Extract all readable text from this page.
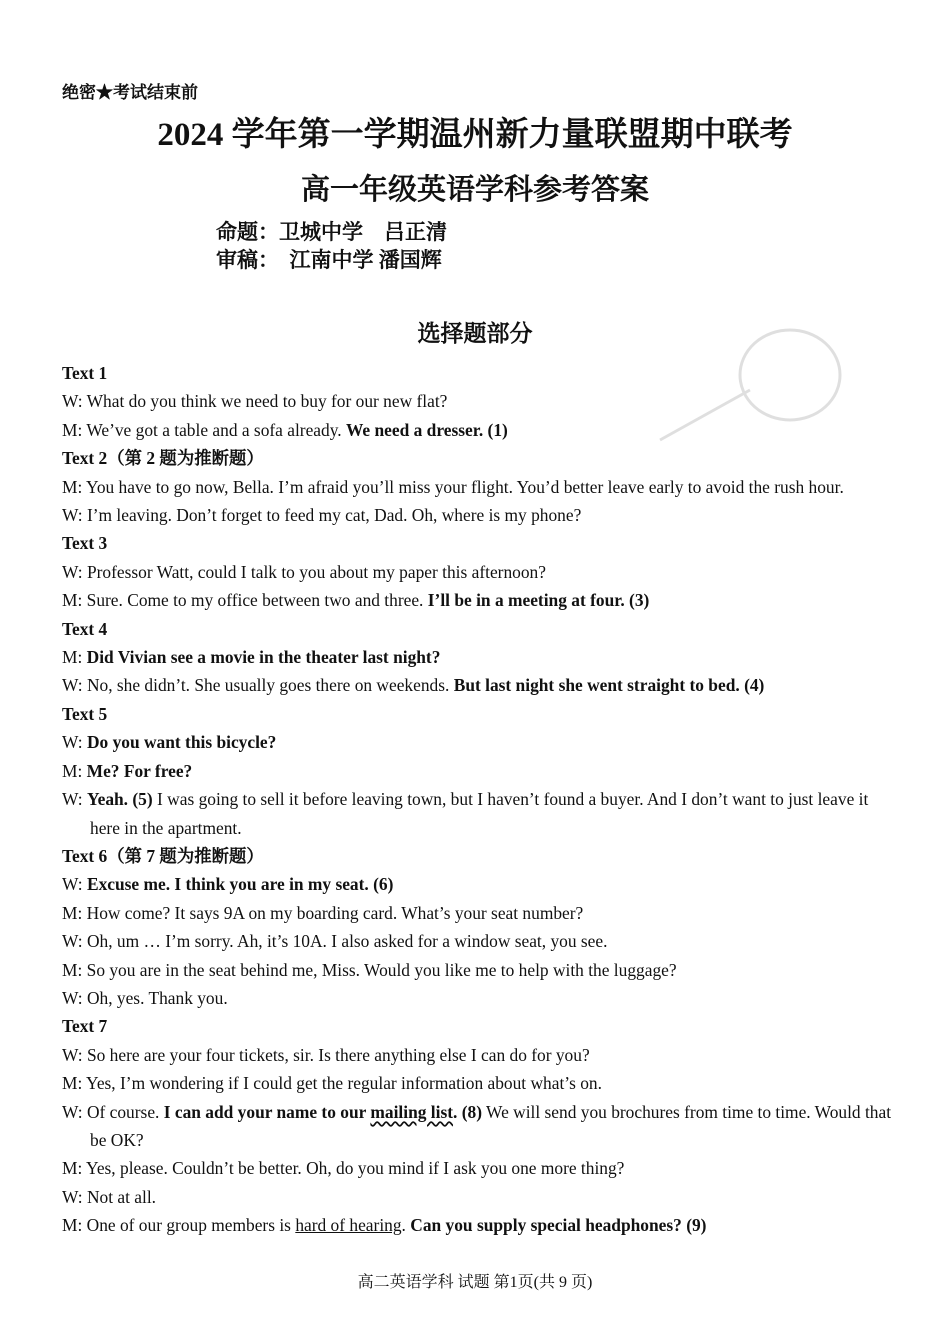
绝密★考试结束前
2024 学年第一学期温州新力量联盟期中联考
高一年级英语学科参考答案
命题：卫城中学　吕正清
审稿：　江南中学 潘国辉
选择题部分
Text 1
W: What do you think we need to buy for our new flat?
M: We’ve got a table and a sofa already. We need a dresser. (1)
Text 2（第 2 题为推断题）
M: You have to go now, Bella. I’m afraid you’ll miss your flight. You’d better leave early to avoid the rush hour.
W: I’m leaving. Don’t forget to feed my cat, Dad. Oh, where is my phone?
Text 3
W: Professor Watt, could I talk to you about my paper this afternoon?
M: Sure. Come to my office between two and three. I’ll be in a meeting at four. (3)
Text 4
M: Did Vivian see a movie in the theater last night?
W: No, she didn’t. She usually goes there on weekends. But last night she went straight to bed. (4)
Text 5
W: Do you want this bicycle?
M: Me? For free?
W: Yeah. (5) I was going to sell it before leaving town, but I haven’t found a buyer. And I don’t want to just leave it here in the apartment.
Text 6（第 7 题为推断题）
W: Excuse me. I think you are in my seat. (6)
M: How come? It says 9A on my boarding card. What’s your seat number?
W: Oh, um … I’m sorry. Ah, it’s 10A. I also asked for a window seat, you see.
M: So you are in the seat behind me, Miss. Would you like me to help with the luggage?
W: Oh, yes. Thank you.
Text 7
W: So here are your four tickets, sir. Is there anything else I can do for you?
M: Yes, I’m wondering if I could get the regular information about what’s on.
W: Of course. I can add your name to our mailing list. (8) We will send you brochures from time to time. Would that be OK?
M: Yes, please. Couldn’t be better. Oh, do you mind if I ask you one more thing?
W: Not at all.
M: One of our group members is hard of hearing. Can you supply special headphones? (9)
高二英语学科 试题 第1页(共 9 页)
